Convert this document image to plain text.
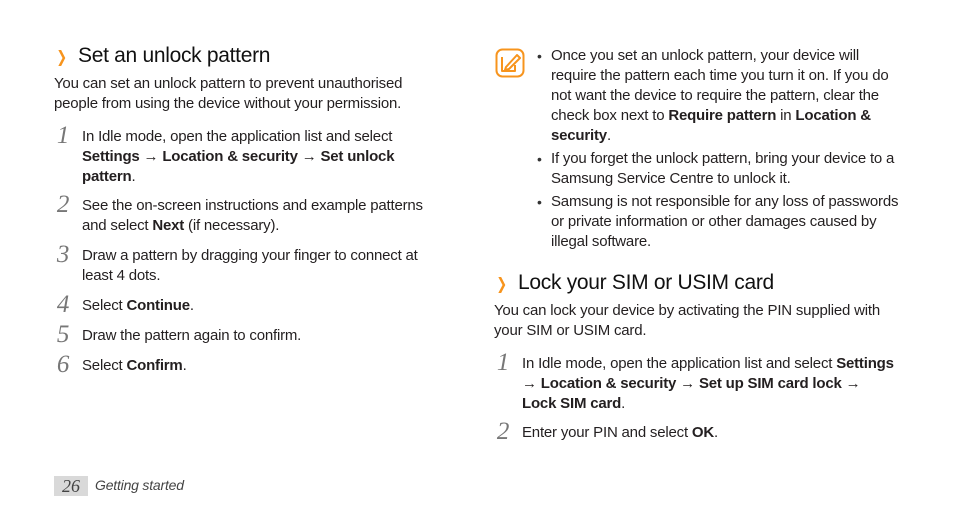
❯ Set an unlock pattern
You can set an unlock pattern to prevent unauthorised people from using the device without your permission.
1 In Idle mode, open the application list and select Settings → Location & security → Set unlock pattern.
2 See the on-screen instructions and example patterns and select Next (if necessary).
3 Draw a pattern by dragging your finger to connect at least 4 dots.
4 Select Continue.
5 Draw the pattern again to confirm.
6 Select Confirm.
• Once you set an unlock pattern, your device will require the pattern each time you turn it on. If you do not want the device to require the pattern, clear the check box next to Require pattern in Location & security.
• If you forget the unlock pattern, bring your device to a Samsung Service Centre to unlock it.
• Samsung is not responsible for any loss of passwords or private information or other damages caused by illegal software.
❯ Lock your SIM or USIM card
You can lock your device by activating the PIN supplied with your SIM or USIM card.
1 In Idle mode, open the application list and select Settings → Location & security → Set up SIM card lock → Lock SIM card.
2 Enter your PIN and select OK.
26	Getting started
